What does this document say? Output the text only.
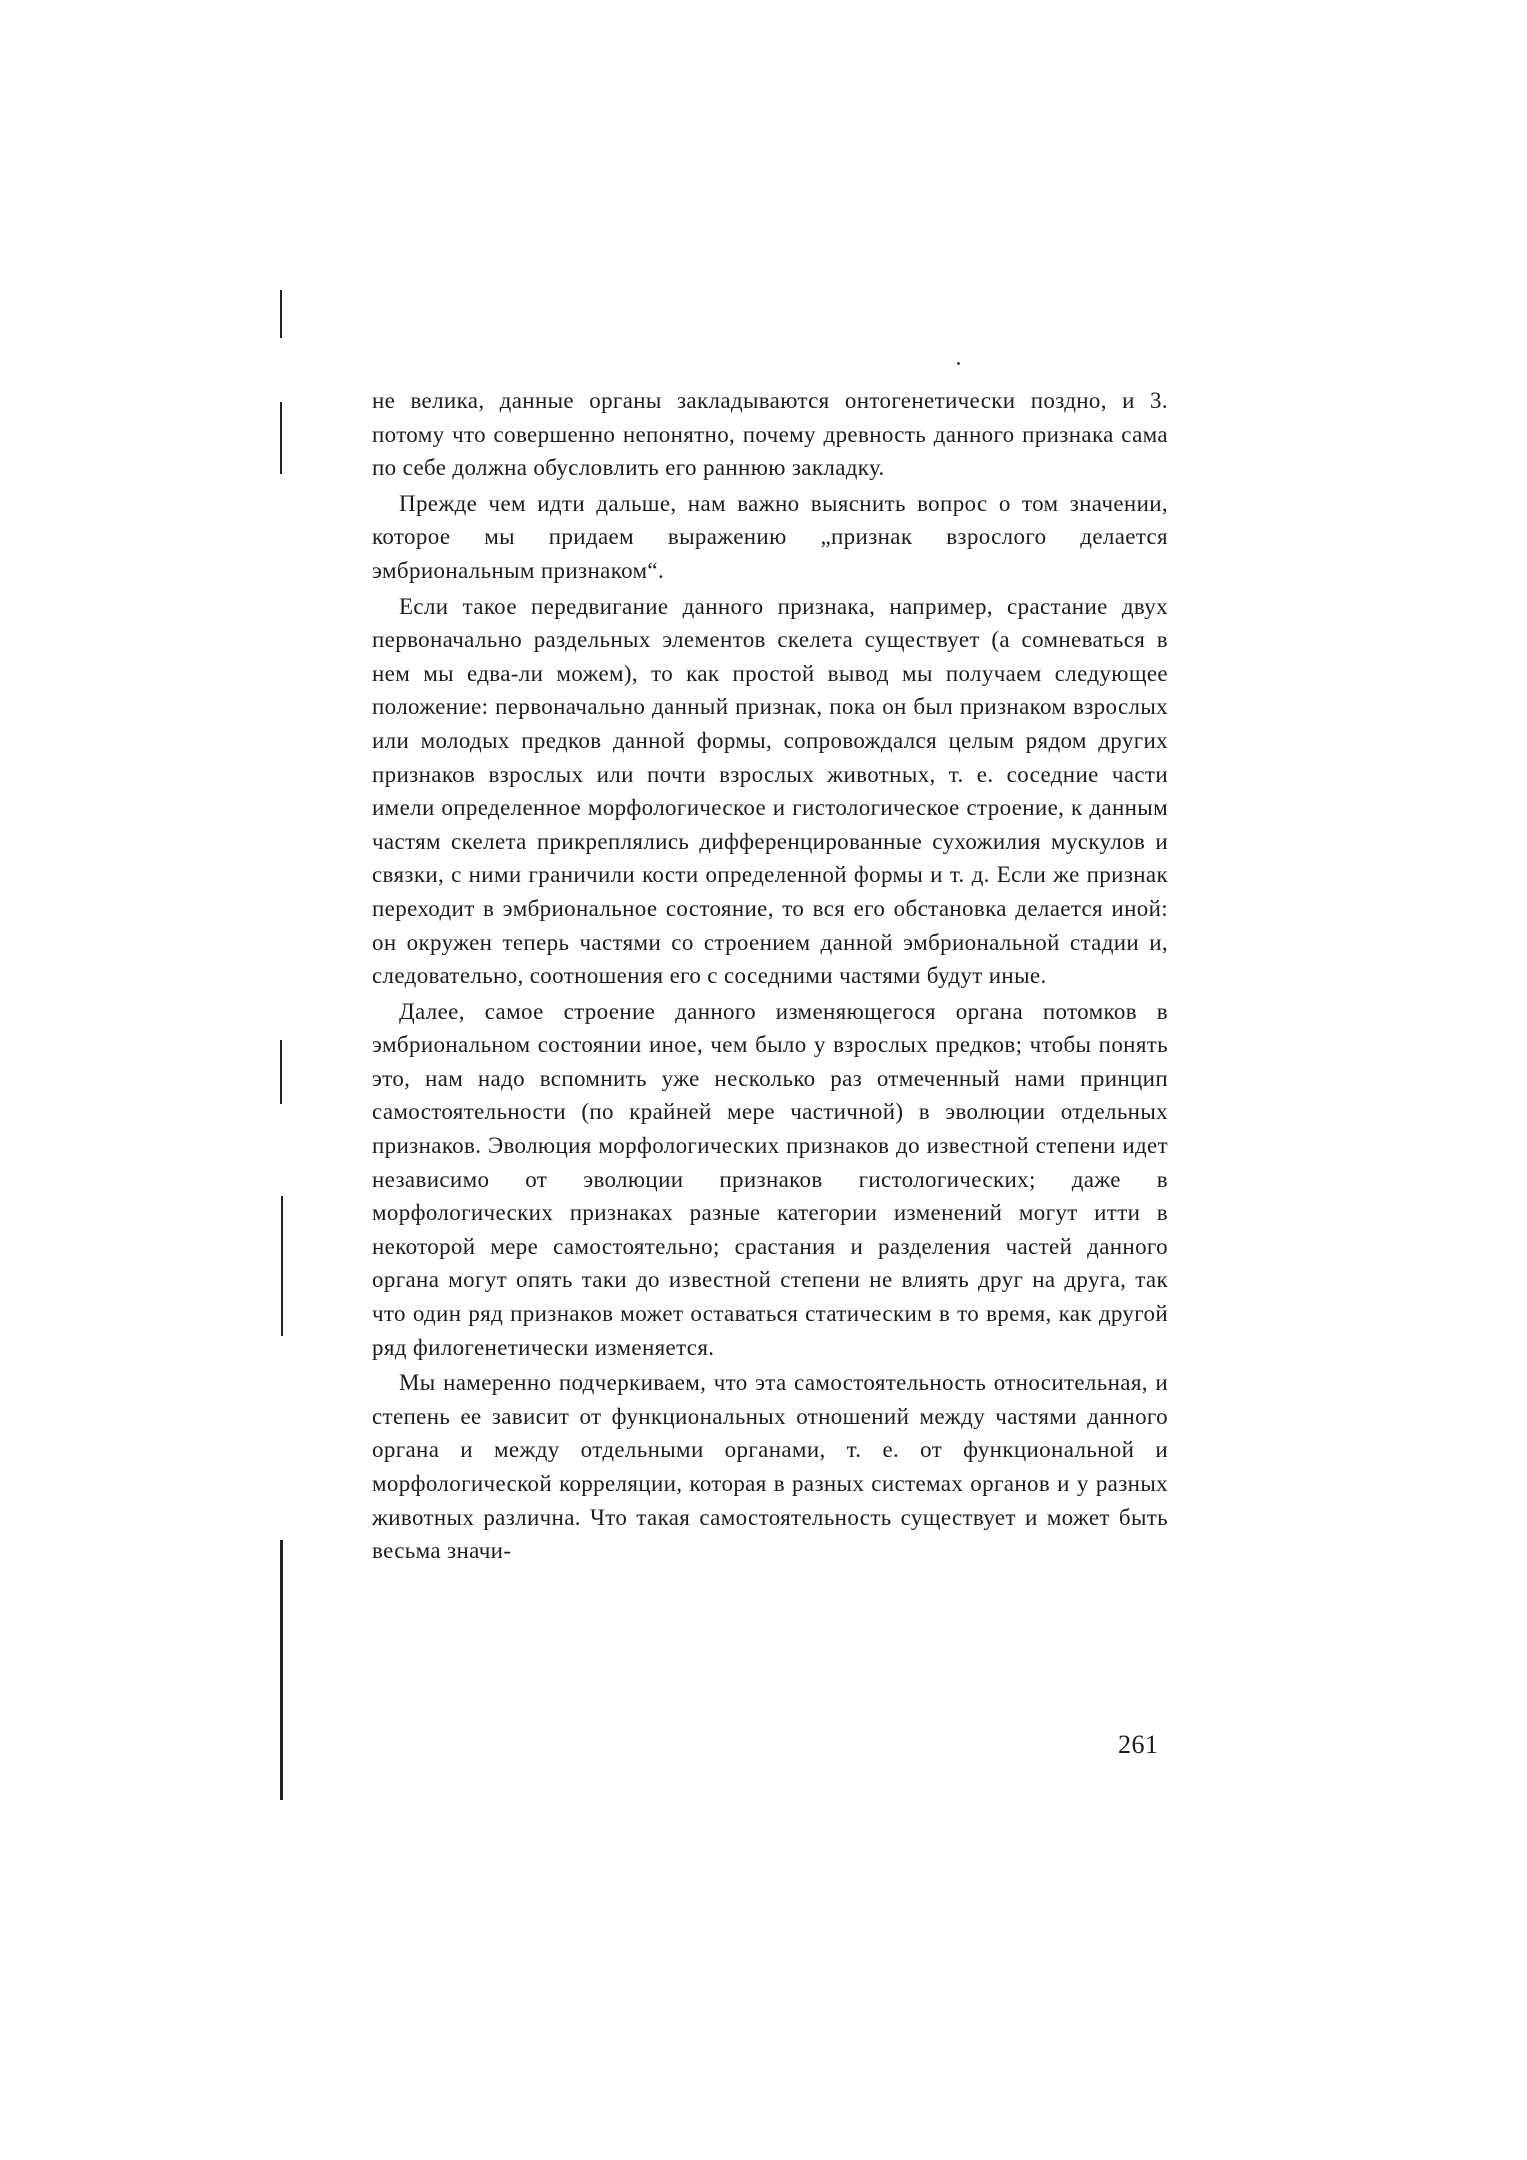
не велика, данные органы закладываются онтогенетически поздно, и 3. потому что совершенно непонятно, почему древность данного признака сама по себе должна обусловлить его раннюю закладку.

Прежде чем идти дальше, нам важно выяснить вопрос о том значении, которое мы придаем выражению „признак взрослого делается эмбриональным признаком“.

Если такое передвигание данного признака, например, срастание двух первоначально раздельных элементов скелета существует (а сомневаться в нем мы едва-ли можем), то как простой вывод мы получаем следующее положение: первоначально данный признак, пока он был признаком взрослых или молодых предков данной формы, сопровождался целым рядом других признаков взрослых или почти взрослых животных, т. е. соседние части имели определенное морфологическое и гистологическое строение, к данным частям скелета прикреплялись дифференцированные сухожилия мускулов и связки, с ними граничили кости определенной формы и т. д. Если же признак переходит в эмбриональное состояние, то вся его обстановка делается иной: он окружен теперь частями со строением данной эмбриональной стадии и, следовательно, соотношения его с соседними частями будут иные.

Далее, самое строение данного изменяющегося органа потомков в эмбриональном состоянии иное, чем было у взрослых предков; чтобы понять это, нам надо вспомнить уже несколько раз отмеченный нами принцип самостоятельности (по крайней мере частичной) в эволюции отдельных признаков. Эволюция морфологических признаков до известной степени идет независимо от эволюции признаков гистологических; даже в морфологических признаках разные категории изменений могут итти в некоторой мере самостоятельно; срастания и разделения частей данного органа могут опять таки до известной степени не влиять друг на друга, так что один ряд признаков может оставаться статическим в то время, как другой ряд филогенетически изменяется.

Мы намеренно подчеркиваем, что эта самостоятельность относительная, и степень ее зависит от функциональных отношений между частями данного органа и между отдельными органами, т. е. от функциональной и морфологической корреляции, которая в разных системах органов и у разных животных различна. Что такая самостоятельность существует и может быть весьма значи-

261
